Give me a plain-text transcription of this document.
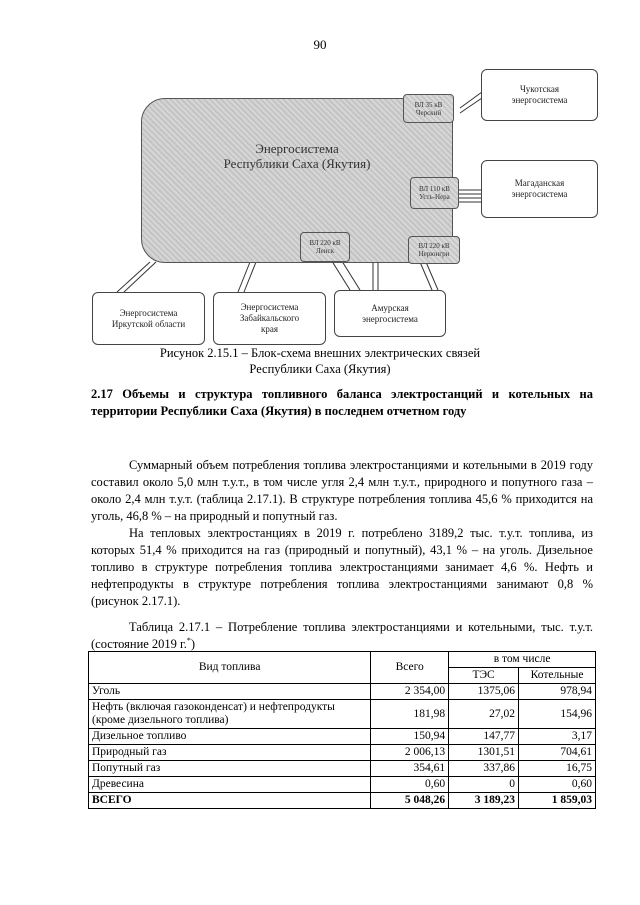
90
Энергосистема
Республики Саха (Якутия)
ВЛ 35 кВ Черский
ВЛ 110 кВ Усть-Нера
ВЛ 220 кВ Ленск
ВЛ 220 кВ Нерюнгри
Чукотская
энергосистема
Магаданская
энергосистема
Энергосистема
Иркутской области
Энергосистема
Забайкальского
края
Амурская
энергосистема
Рисунок 2.15.1 – Блок-схема внешних электрических связей
Республики Саха (Якутия)
2.17 Объемы и структура топливного баланса электростанций и котельных на территории Республики Саха (Якутия) в последнем отчетном году

Суммарный объем потребления топлива электростанциями и котельными в 2019 году составил около 5,0 млн т.у.т., в том числе угля 2,4 млн т.у.т., природного и попутного газа – около 2,4 млн т.у.т. (таблица 2.17.1). В структуре потребления топлива 45,6 % приходится на уголь, 46,8 % – на природный и попутный газ.

На тепловых электростанциях в 2019 г. потреблено 3189,2 тыс. т.у.т. топлива, из которых 51,4 % приходится на газ (природный и попутный), 43,1 % – на уголь. Дизельное топливо в структуре потребления топлива электростанциями занимает 4,6 %. Нефть и нефтепродукты в структуре потребления топлива электростанциями занимают 0,8 % (рисунок 2.17.1).

Таблица 2.17.1 – Потребление топлива электростанциями и котельными, тыс. т.у.т. (состояние 2019 г.*)

Вид топлива	Всего	в том числе	
		ТЭС	Котельные
Уголь	2 354,00	1375,06	978,94
Нефть (включая газоконденсат) и нефтепродукты (кроме дизельного топлива)	181,98	27,02	154,96
Дизельное топливо	150,94	147,77	3,17
Природный газ	2 006,13	1301,51	704,61
Попутный газ	354,61	337,86	16,75
Древесина	0,60	0	0,60
ВСЕГО	5 048,26	3 189,23	1 859,03
